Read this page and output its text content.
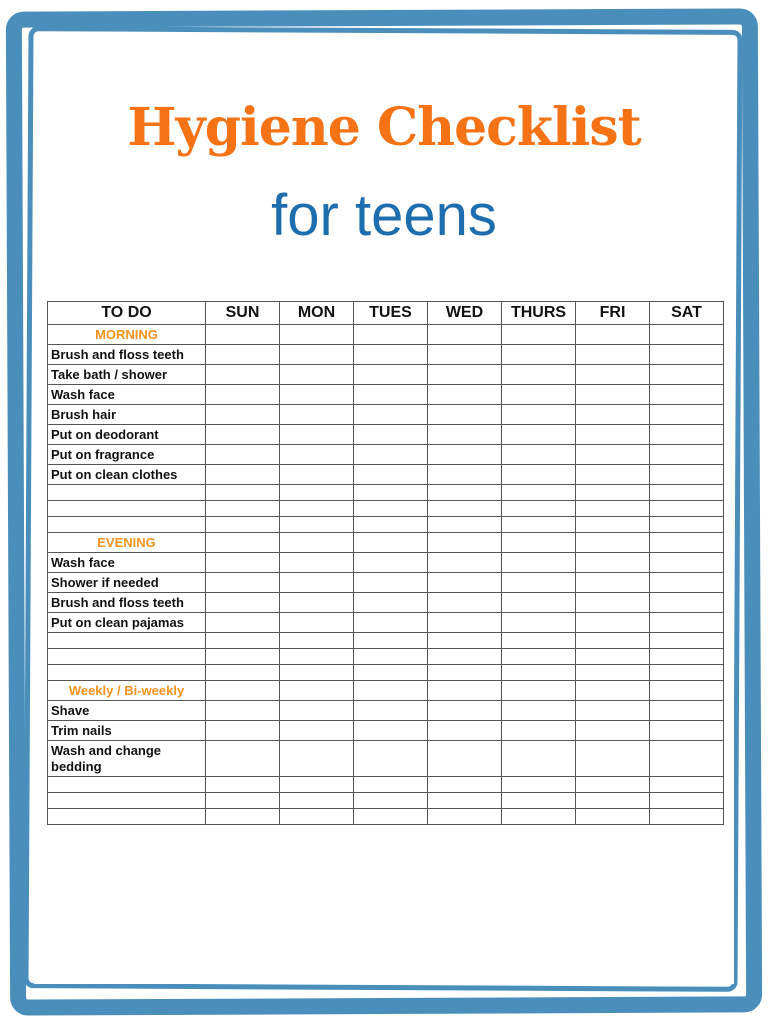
Hygiene Checklist
for teens
TO DO	SUN	MON	TUES	WED	THURS	FRI	SAT
MORNING							
Brush and floss teeth							
Take bath / shower							
Wash face							
Brush hair							
Put on deodorant							
Put on fragrance							
Put on clean clothes							

EVENING							
Wash face							
Shower if needed							
Brush and floss teeth							
Put on clean pajamas							

Weekly / Bi-weekly							
Shave							
Trim nails							
Wash and change bedding							
